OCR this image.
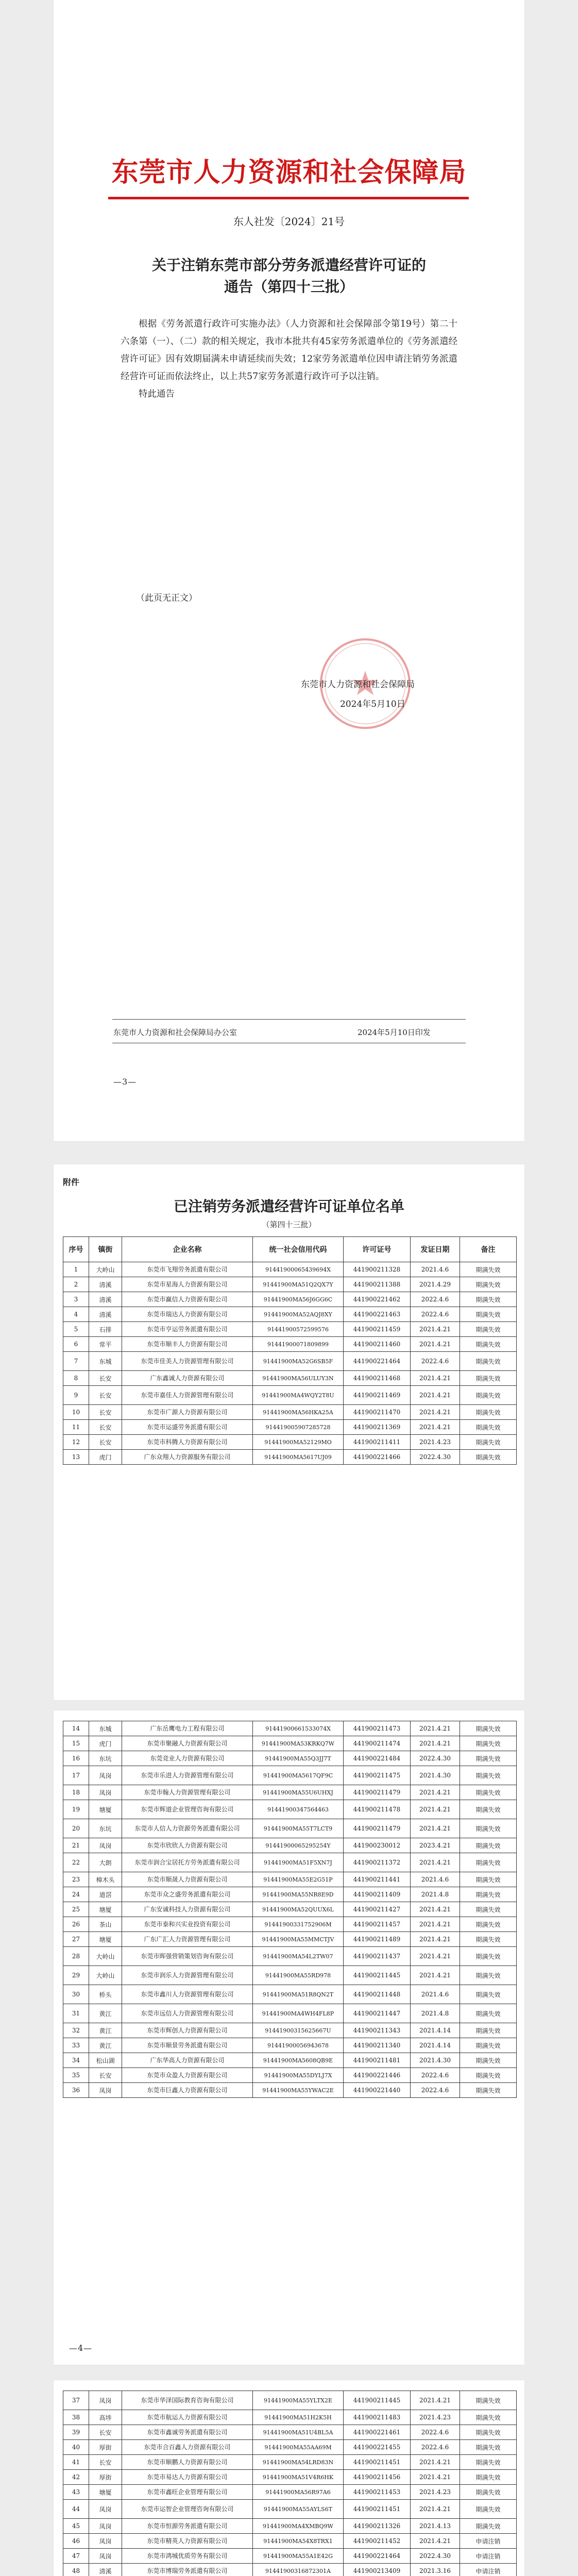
东莞市人力资源和社会保障局
东人社发〔2024〕21号
关于注销东莞市部分劳务派遣经营许可证的
通告（第四十三批）

根据《劳务派遣行政许可实施办法》（人力资源和社会保障部令第19号）第二十六条第（一）、（二）款的相关规定，我市本批共有45家劳务派遣单位的《劳务派遣经营许可证》因有效期届满未申请延续而失效；12家劳务派遣单位因申请注销劳务派遣经营许可证而依法终止，以上共57家劳务派遣行政许可予以注销。

特此通告

（此页无正文）
东莞市人力资源和社会保障局
2024年5月10日
东莞市人力资源和社会保障局办公室	2024年5月10日印发
—3—
附件
已注销劳务派遣经营许可证单位名单
（第四十三批）
序号	镇街	企业名称	统一社会信用代码	许可证号	发证日期	备注
1	大岭山	东莞市飞翔劳务派遣有限公司	91441900065439694X	441900211328	2021.4.6	期满失效
2	清溪	东莞市星海人力资源有限公司	91441900MA51Q2QX7Y	441900211388	2021.4.29	期满失效
3	清溪	东莞市赢信人力资源有限公司	91441900MA56J6GG6C	441900221462	2022.4.6	期满失效
4	清溪	东莞市瑞达人力资源有限公司	91441900MA52AQJ8XY	441900221463	2022.4.6	期满失效
5	石排	东莞市亨运劳务派遣有限公司	91441900572599576	441900211459	2021.4.21	期满失效
6	常平	东莞市顺丰人力资源有限公司	91441900071809899	441900211460	2021.4.21	期满失效
7	东城	东莞市佳美人力资源管理有限公司	91441900MA52G6SB5F	441900221464	2022.4.6	期满失效
8	长安	广东鑫诚人力资源有限公司	91441900MA56ULUY3N	441900211468	2021.4.21	期满失效
9	长安	东莞市嘉佳人力资源管理有限公司	91441900MA4WQY2T8U	441900211469	2021.4.21	期满失效
10	长安	东莞市广源人力资源有限公司	91441900MA56HKA25A	441900211470	2021.4.21	期满失效
11	长安	东莞市运盛劳务派遣有限公司	914419005907285728	441900211369	2021.4.21	期满失效
12	长安	东莞市科腾人力资源有限公司	91441900MA52129MO	441900211411	2021.4.23	期满失效
13	虎门	广东众翔人力资源服务有限公司	91441900MA5617UJ09	441900221466	2022.4.30	期满失效
14	东城	广东岳鹰电力工程有限公司	91441900661533074X	441900211473	2021.4.21	期满失效
15	虎门	东莞市聚融人力资源有限公司	91441900MA53KRKQ7W	441900211474	2021.4.21	期满失效
16	东坑	东莞竞业人力资源有限公司	91441900MA55Q3JJ7T	441900221484	2022.4.30	期满失效
17	凤岗	东莞市乐进人力资源管理有限公司	91441900MA5617QF9C	441900211475	2021.4.30	期满失效
18	凤岗	东莞市翰人力资源管理有限公司	91441900MA55U6UHXJ	441900211479	2021.4.21	期满失效
19	塘厦	东莞市辉道企业管理咨询有限公司	91441900347564463	441900211478	2021.4.21	期满失效
20	东坑	东莞市人信人力资源劳务派遣有限公司	91441900MA55T7LCT9	441900211479	2021.4.21	期满失效
21	凤岗	东莞市欣欣人力资源有限公司	91441900065295254Y	441900230012	2023.4.21	期满失效
22	大朗	东莞市润合宝居托方劳务派遣有限公司	91441900MA51F5XN7J	441900211372	2021.4.21	期满失效
23	樟木头	东莞市顺晟人力资源有限公司	91441900MA55E2G51P	441900211441	2021.4.6	期满失效
24	道滘	东莞市众之盛劳务派遣有限公司	91441900MA55NR8E9D	441900211409	2021.4.8	期满失效
25	塘厦	广东安诚科技人力资源有限公司	91441900MA52QUUX6L	441900211427	2021.4.21	期满失效
26	茶山	东莞市泰和兴实业投资有限公司	91441900331752906M	441900211457	2021.4.21	期满失效
27	塘厦	广东广汇人力资源管理有限公司	91441900MA55MMCTJV	441900211489	2021.4.21	期满失效
28	大岭山	东莞市晖强营销策划咨询有限公司	91441900MA54L2TW07	441900211437	2021.4.21	期满失效
29	大岭山	东莞市润乐人力资源管理有限公司	91441900MA55RD978	441900211445	2021.4.21	期满失效
30	桥头	东莞市鑫川人力资源管理有限公司	91441900MA51R8QN2T	441900211448	2021.4.6	期满失效
31	黄江	东莞市远信人力资源管理有限公司	91441900MA4WH4FL8P	441900211447	2021.4.8	期满失效
32	黄江	东莞市辉创人力资源有限公司	91441900315625667U	441900211343	2021.4.14	期满失效
33	黄江	东莞市顺景劳务派遣有限公司	91441900056943678	441900211340	2021.4.14	期满失效
34	松山湖	广东华高人力资源有限公司	91441900MA5608QB9E	441900211481	2021.4.30	期满失效
35	长安	东莞市众盈人力资源有限公司	91441900MA55DYLJ7X	441900221446	2022.4.6	期满失效
36	凤岗	东莞市巨鑫人力资源有限公司	91441900MA55YWAC2E	441900221440	2022.4.6	期满失效
—4—
37	凤岗	东莞市华泽国际教育咨询有限公司	91441900MA55YLTX2E	441900211445	2021.4.21	期满失效
38	高埗	东莞市航运人力资源有限公司	91441900MA51H2K5H	441900211483	2021.4.23	期满失效
39	长安	东莞市鑫诚劳务派遣有限公司	91441900MA51U4BL5A	441900221461	2022.4.6	期满失效
40	厚街	东莞市合百鑫人力资源有限公司	91441900MA55AA69M	441900221455	2022.4.6	期满失效
41	长安	东莞市顺鹏人力资源有限公司	91441900MA54LRD83N	441900211451	2021.4.21	期满失效
42	厚街	东莞市易达人力资源有限公司	91441900MA51V4R6HK	441900211456	2021.4.21	期满失效
43	塘厦	东莞市鑫旺企业管理有限公司	91441900MA56R97A6	441900211453	2021.4.23	期满失效
44	凤岗	东莞市运智企业管理咨询有限公司	91441900MA55AYLS6T	441900211451	2021.4.21	期满失效
45	凤岗	东莞市恒源劳务派遣有限公司	91441900MA4XMBQ9W	441900211326	2021.4.13	期满失效
46	凤岗	东莞市精英人力资源有限公司	91441900MA54X8TRX1	441900211452	2021.4.21	申请注销
47	凤岗	东莞市鸿城优质劳务有限公司	91441900MA55A1E42G	441900221464	2022.4.30	申请注销
48	清溪	东莞市博瑞劳务派遣有限公司	91441900316872301A	441900213409	2021.3.16	申请注销
